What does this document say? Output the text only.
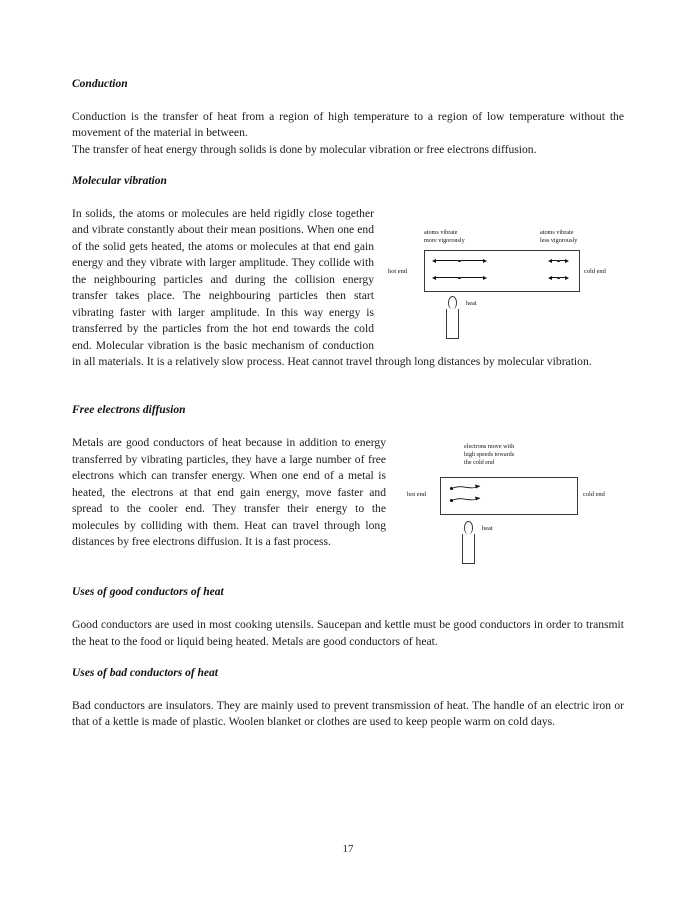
Conduction

Conduction is the transfer of heat from a region of high temperature to a region of low temperature without the movement of the material in between.

The transfer of heat energy through solids is done by molecular vibration or free electrons diffusion.

Molecular vibration
atoms vibrate
more vigorously
atoms vibrate
less vigorously
hot end	cold end
heat

In solids, the atoms or molecules are held rigidly close together and vibrate constantly about their mean positions. When one end of the solid gets heated, the atoms or molecules at that end gain energy and they vibrate with larger amplitude. They collide with the neighbouring particles and during the collision energy transfer takes place. The neighbouring particles then start vibrating faster with larger amplitude. In this way energy is transferred by the particles from the hot end towards the cold end. Molecular vibration is the basic mechanism of conduction in all materials. It is a relatively slow process. Heat cannot travel through long distances by molecular vibration.

Free electrons diffusion
electrons move with
high speeds towards
the cold end
hot end	cold end
heat

Metals are good conductors of heat because in addition to energy transferred by vibrating particles, they have a large number of free electrons which can transfer energy. When one end of a metal is heated, the electrons at that end gain energy, move faster and spread to the cooler end. They transfer their energy to the molecules by colliding with them. Heat can travel through long distances by free electrons diffusion. It is a fast process.

Uses of good conductors of heat

Good conductors are used in most cooking utensils. Saucepan and kettle must be good conductors in order to transmit the heat to the food or liquid being heated. Metals are good conductors of heat.

Uses of bad conductors of heat

Bad conductors are insulators. They are mainly used to prevent transmission of heat. The handle of an electric iron or that of a kettle is made of plastic. Woolen blanket or clothes are used to keep people warm on cold days.

17
